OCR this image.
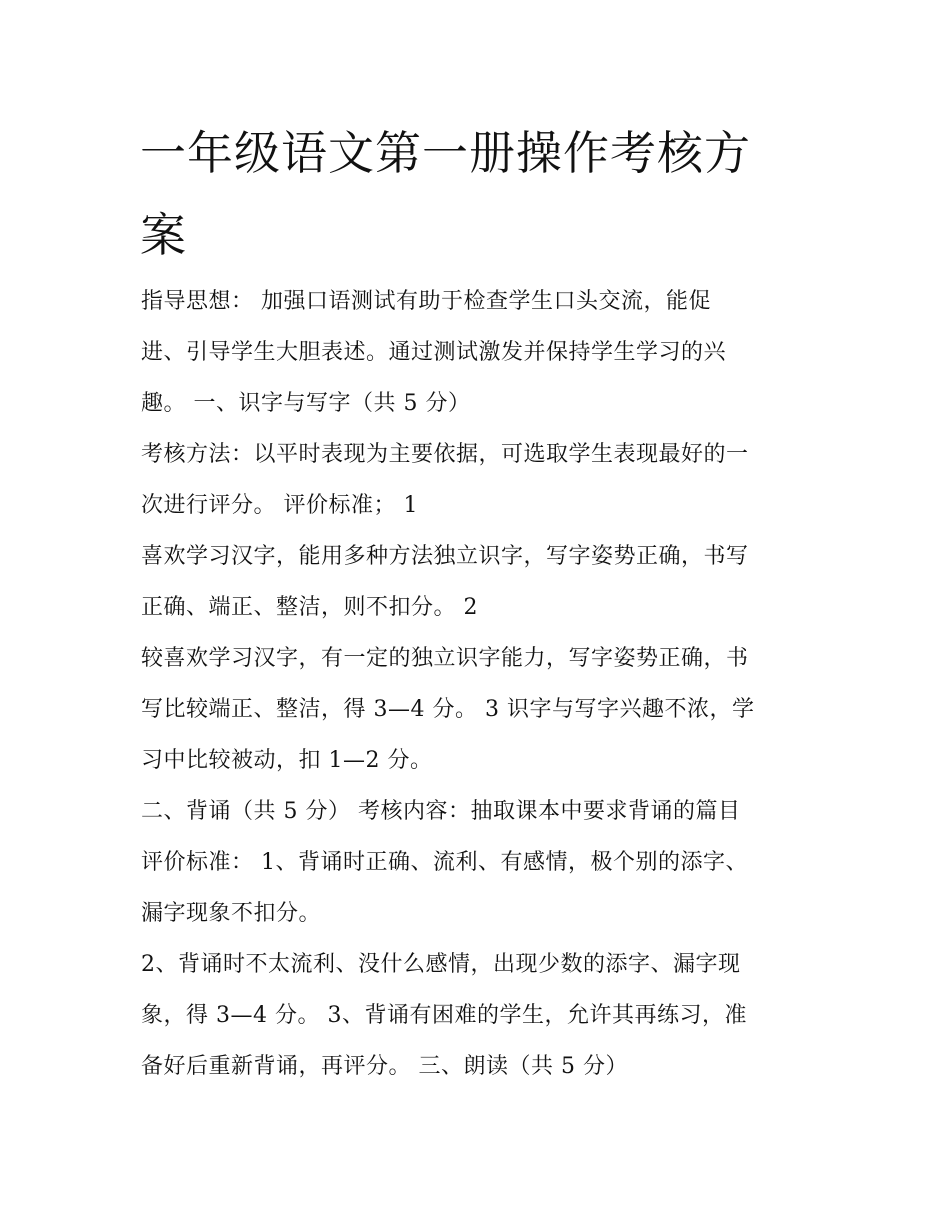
一年级语文第一册操作考核方
案
指导思想： 加强口语测试有助于检查学生口头交流，能促
进、引导学生大胆表述。通过测试激发并保持学生学习的兴
趣。 一、识字与写字（共 5 分）
考核方法：以平时表现为主要依据，可选取学生表现最好的一
次进行评分。 评价标准； 1
喜欢学习汉字，能用多种方法独立识字，写字姿势正确，书写
正确、端正、整洁，则不扣分。 2
较喜欢学习汉字，有一定的独立识字能力，写字姿势正确，书
写比较端正、整洁，得 3—4 分。 3 识字与写字兴趣不浓，学
习中比较被动，扣 1—2 分。
二、背诵（共 5 分） 考核内容：抽取课本中要求背诵的篇目
评价标准： 1、背诵时正确、流利、有感情，极个别的添字、
漏字现象不扣分。
2、背诵时不太流利、没什么感情，出现少数的添字、漏字现
象，得 3—4 分。 3、背诵有困难的学生，允许其再练习，准
备好后重新背诵，再评分。 三、朗读（共 5 分）
